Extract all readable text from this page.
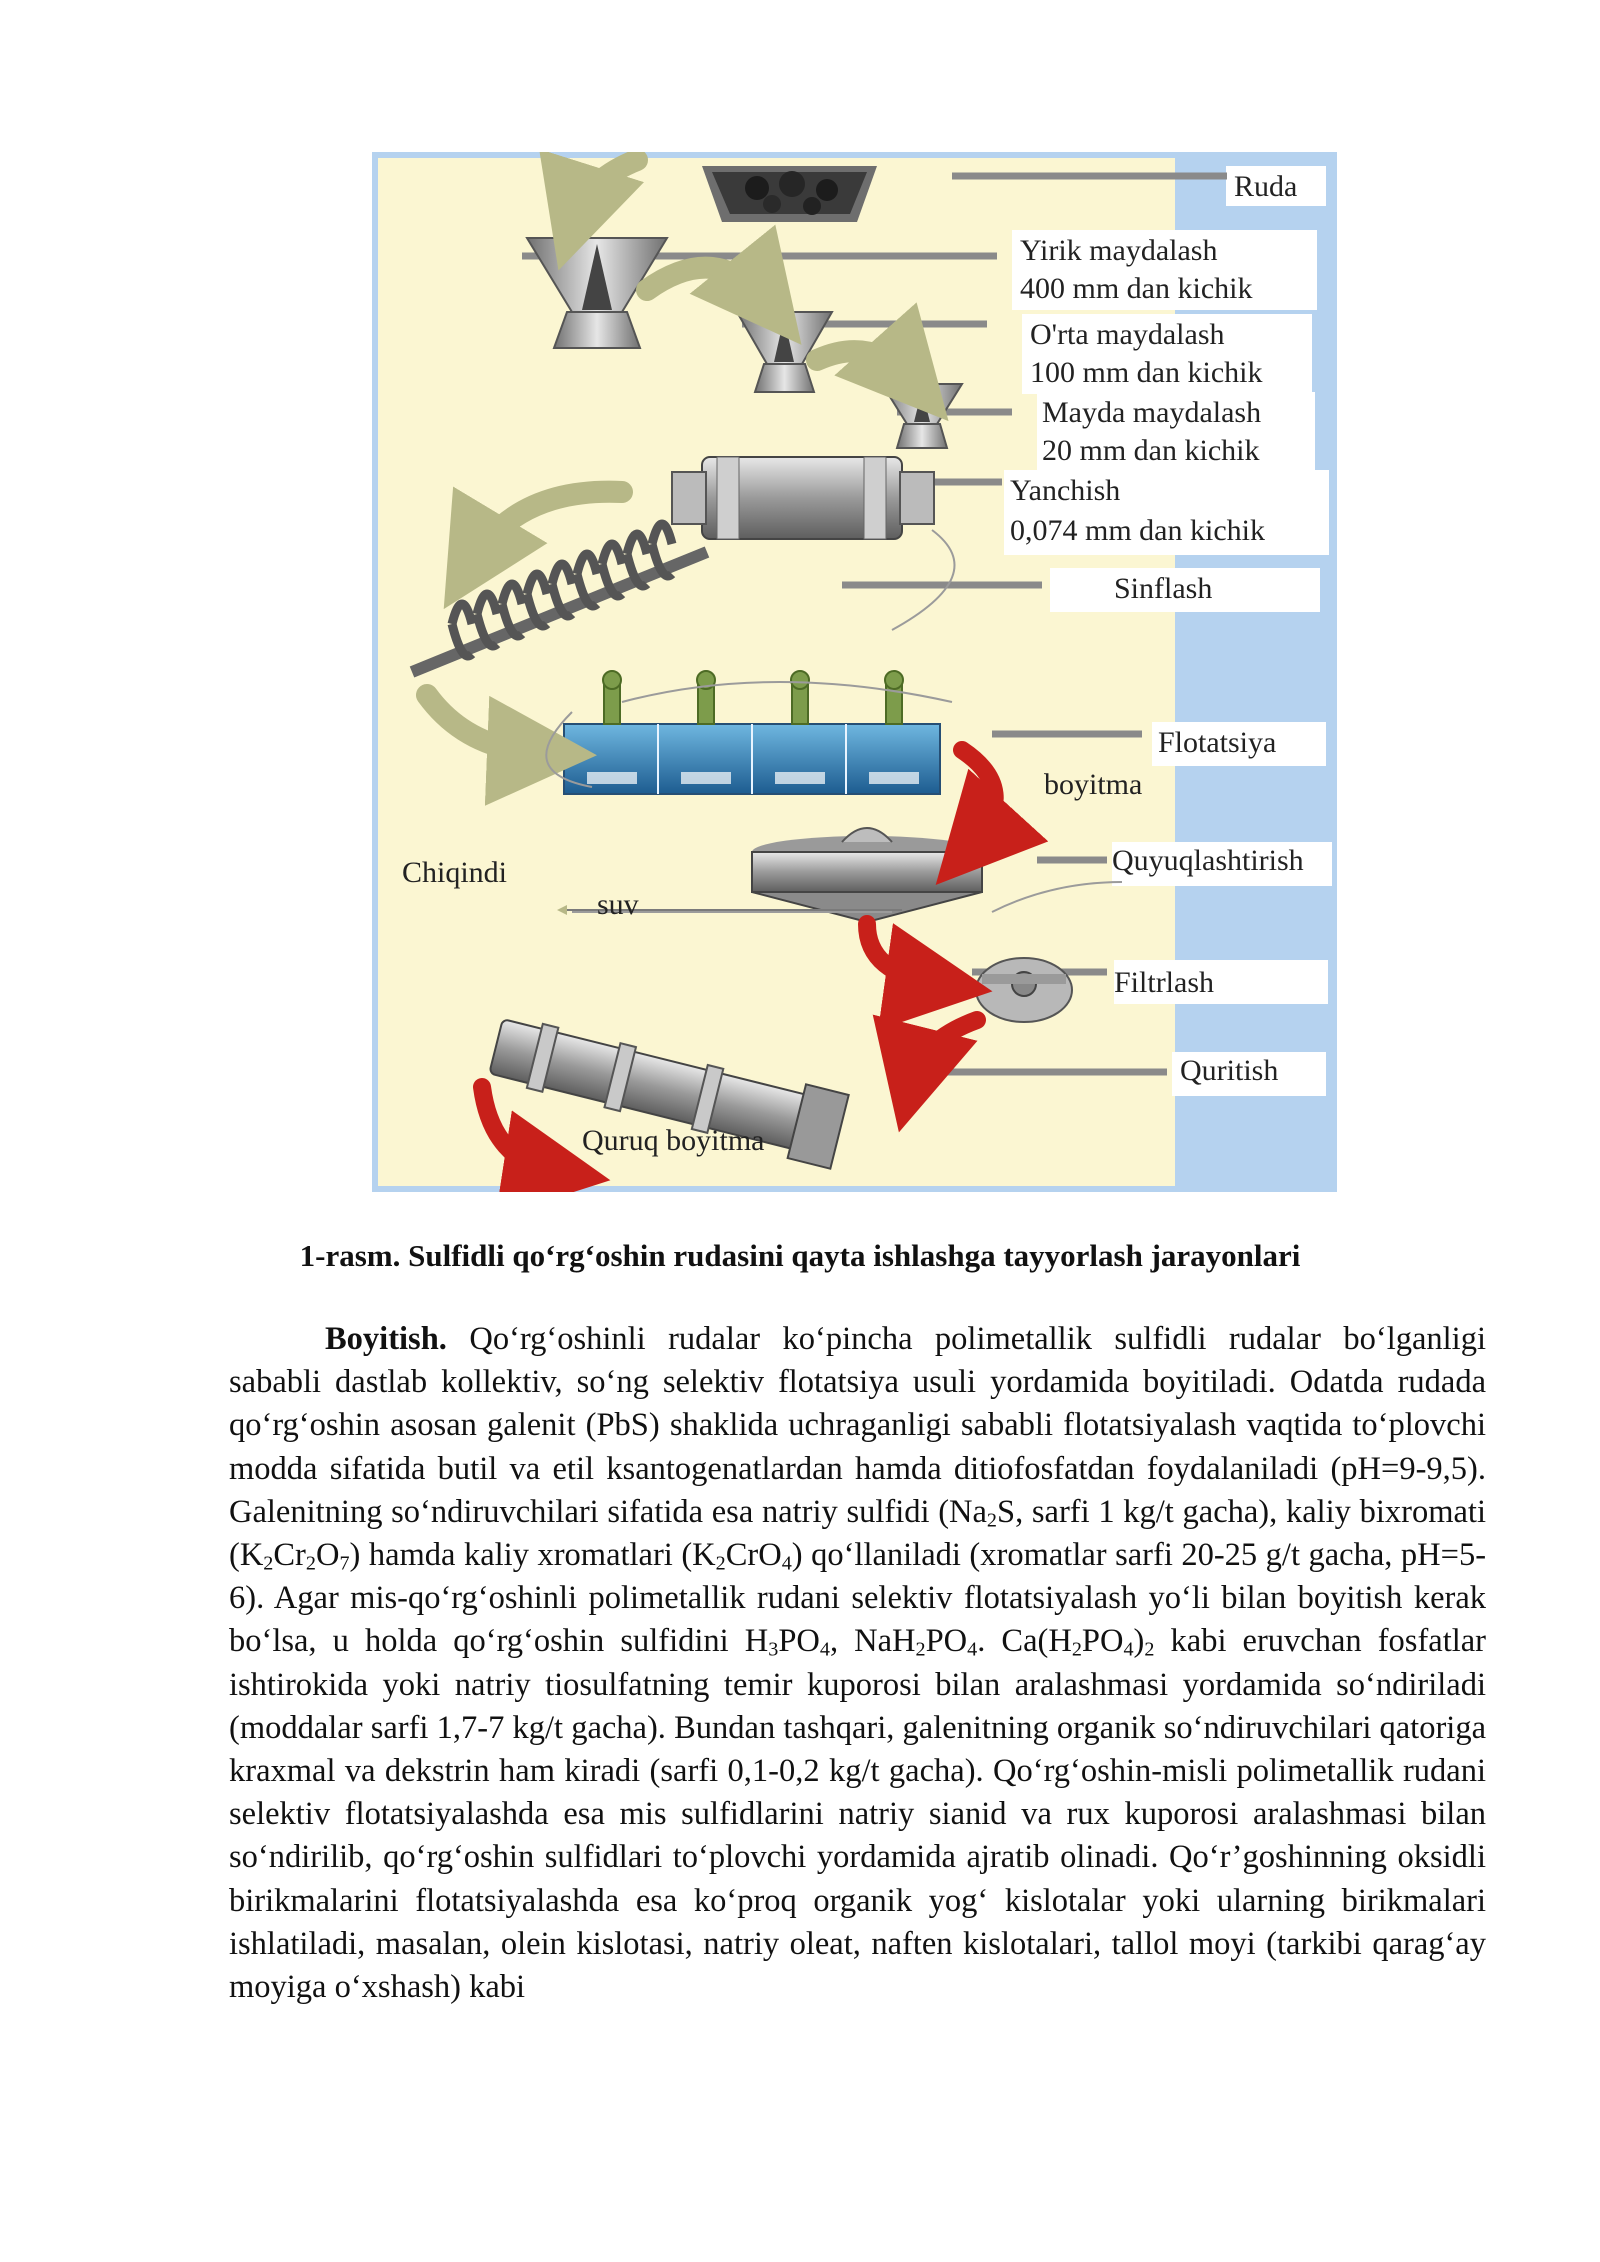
Ruda
Yirik maydalash
400 mm dan kichik
O'rta maydalash
100 mm dan kichik
Mayda maydalash
20 mm dan kichik
Yanchish
0,074 mm dan kichik
Sinflash
Flotatsiya
boyitma
Chiqindi	Quyuqlashtirish
suv
Filtrlash
Quritish
Quruq boyitma
1-rasm. Sulfidli qo‘rg‘oshin rudasini qayta ishlashga tayyorlash jarayonlari

Boyitish. Qo‘rg‘oshinli rudalar ko‘pincha polimetallik sulfidli rudalar bo‘lganligi sababli dastlab kollektiv, so‘ng selektiv flotatsiya usuli yordamida boyitiladi. Odatda rudada qo‘rg‘oshin asosan galenit (PbS) shaklida uchraganligi sababli flotatsiyalash vaqtida to‘plovchi modda sifatida butil va etil ksantogenatlardan hamda ditiofosfatdan foydalaniladi (pH=9-9,5). Galenitning so‘ndiruvchilari sifatida esa natriy sulfidi ($Na_2S$, sarfi 1 kg/t gacha), kaliy bixromati $(K_2Cr_2O_7)$ hamda kaliy xromatlari $(K_2CrO_4)$ qo‘llaniladi (xromatlar sarfi 20-25 g/t gacha, pH=5-6). Agar mis-qo‘rg‘oshinli polimetallik rudani selektiv flotatsiyalash yo‘li bilan boyitish kerak bo‘lsa, u holda qo‘rg‘oshin sulfidini $H_3PO_4$, $NaH_2PO_4$. $Ca(H_2PO_4)_2$ kabi eruvchan fosfatlar ishtirokida yoki natriy tiosulfatning temir kuporosi bilan aralashmasi yordamida so‘ndiriladi (moddalar sarfi 1,7-7 kg/t gacha). Bundan tashqari, galenitning organik so‘ndiruvchilari qatoriga kraxmal va dekstrin ham kiradi (sarfi 0,1-0,2 kg/t gacha). Qo‘rg‘oshin-misli polimetallik rudani selektiv flotatsiyalashda esa mis sulfidlarini natriy sianid va rux kuporosi aralashmasi bilan so‘ndirilib, qo‘rg‘oshin sulfidlari to‘plovchi yordamida ajratib olinadi. Qo‘r’goshinning oksidli birikmalarini flotatsiyalashda esa ko‘proq organik yog‘ kislotalar yoki ularning birikmalari ishlatiladi, masalan, olein kislotasi, natriy oleat, naften kislotalari, tallol moyi (tarkibi qarag‘ay moyiga o‘xshash) kabi
